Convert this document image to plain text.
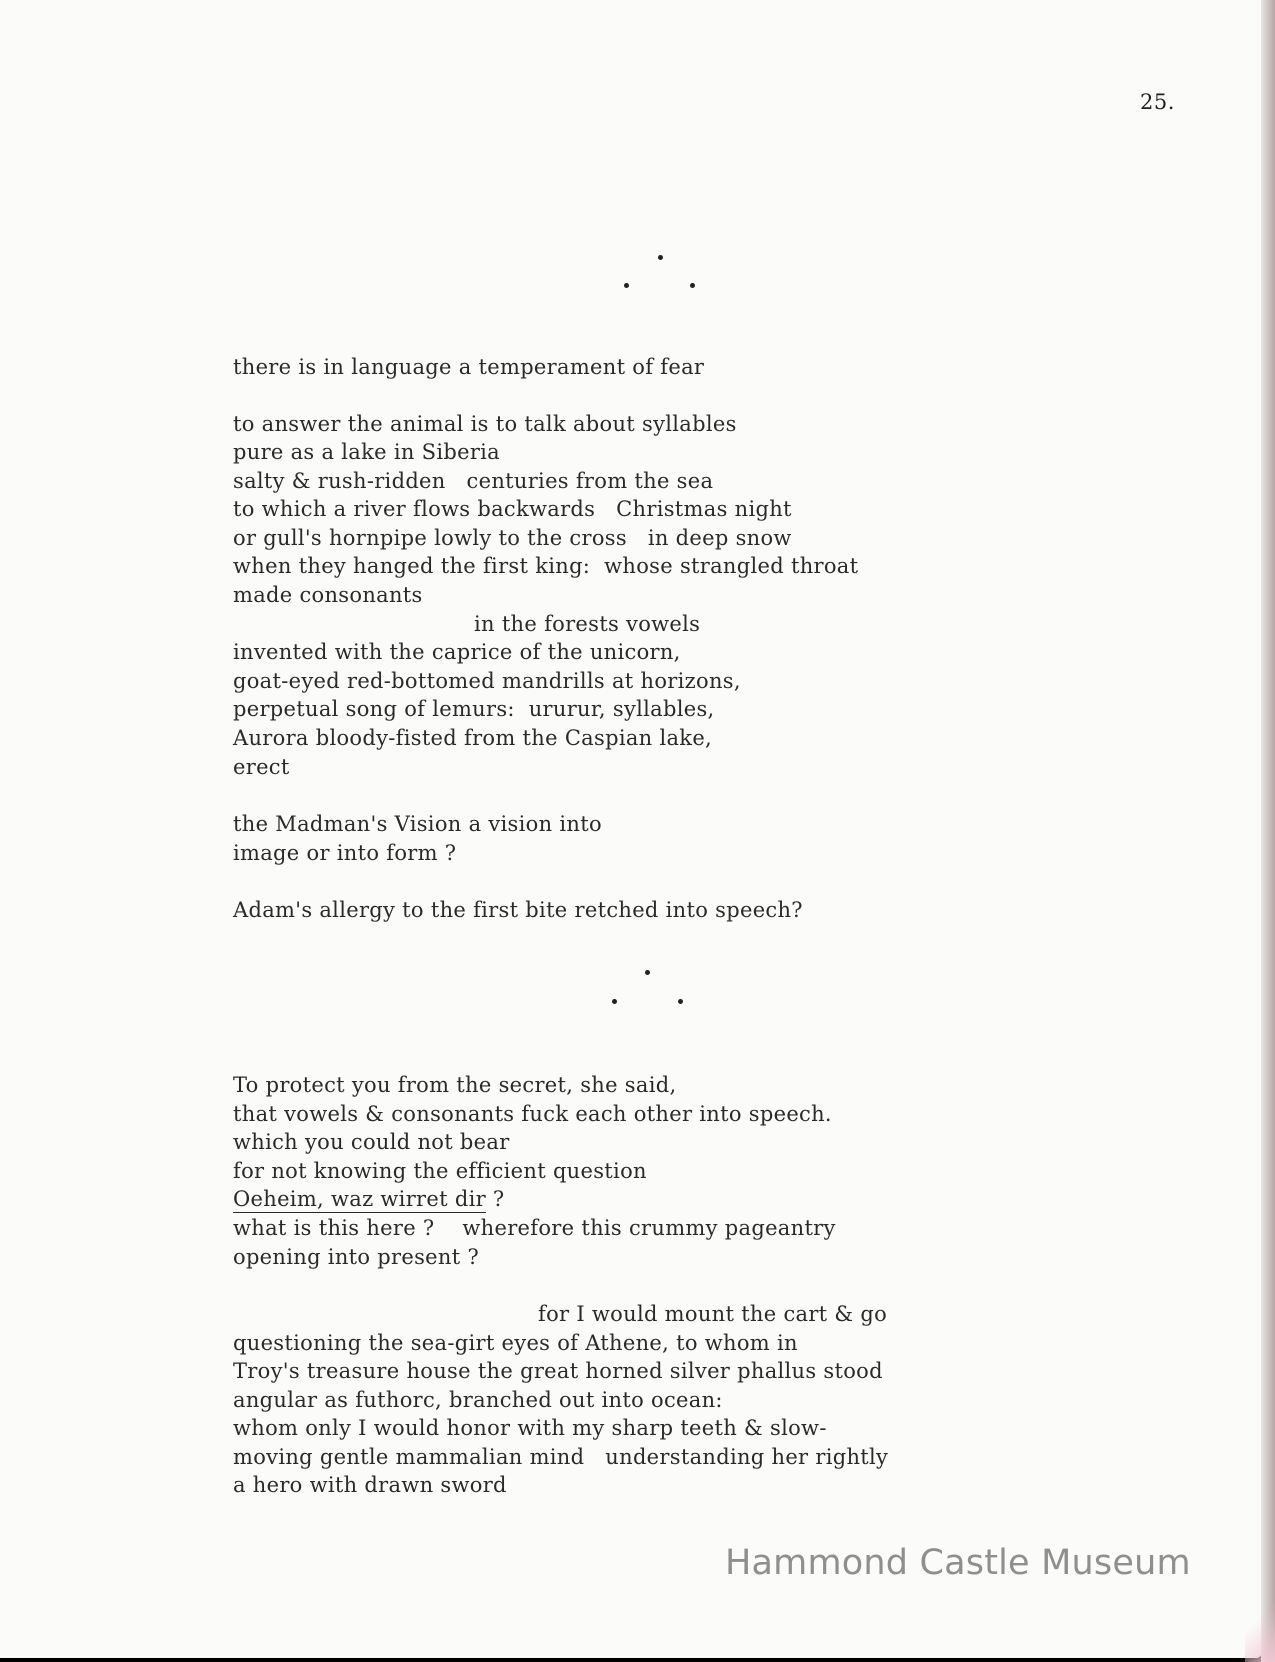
25.
there is in language a temperament of fear
to answer the animal is to talk about syllables
pure as a lake in Siberia
salty & rush-ridden   centuries from the sea
to which a river flows backwards   Christmas night
or gull's hornpipe lowly to the cross   in deep snow
when they hanged the first king:  whose strangled throat
made consonants
in the forests vowels
invented with the caprice of the unicorn,
goat-eyed red-bottomed mandrills at horizons,
perpetual song of lemurs:  ururur, syllables,
Aurora bloody-fisted from the Caspian lake,
erect
the Madman's Vision a vision into
image or into form ?
Adam's allergy to the first bite retched into speech?
To protect you from the secret, she said,
that vowels & consonants fuck each other into speech.
which you could not bear
for not knowing the efficient question
Oeheim, waz wirret dir ?
what is this here ?    wherefore this crummy pageantry
opening into present ?
for I would mount the cart & go
questioning the sea-girt eyes of Athene, to whom in
Troy's treasure house the great horned silver phallus stood
angular as futhorc, branched out into ocean:
whom only I would honor with my sharp teeth & slow-
moving gentle mammalian mind   understanding her rightly
a hero with drawn sword
Hammond Castle Museum
